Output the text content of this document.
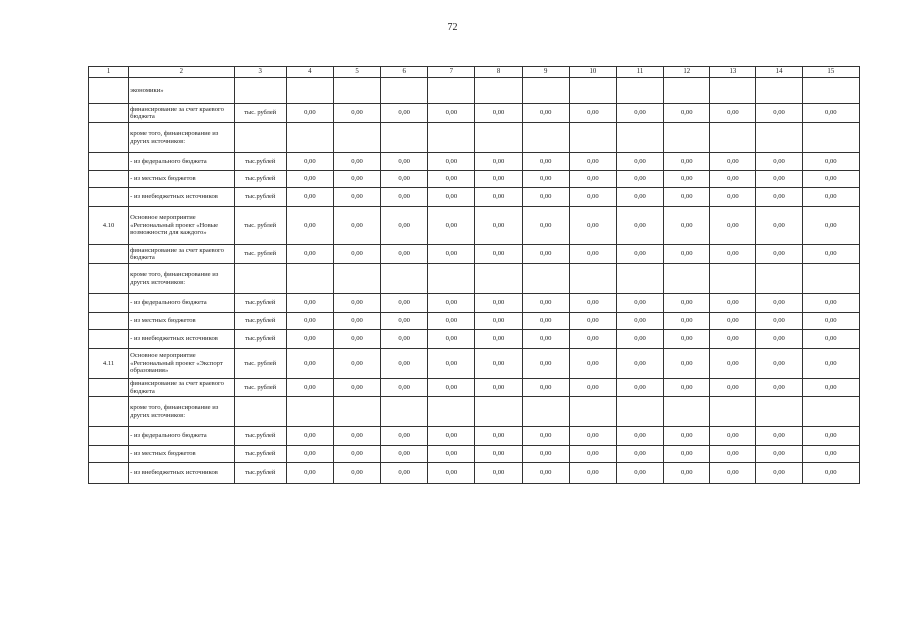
72
1	2	3	4	5	6	7	8	9	10	11	12	13	14	15
	экономики»													
	финансирование за счет краевого бюджета	тыс. рублей	0,00	0,00	0,00	0,00	0,00	0,00	0,00	0,00	0,00	0,00	0,00	0,00
	кроме того, финансирование из других источников:													
	- из федерального бюджета	тыс.рублей	0,00	0,00	0,00	0,00	0,00	0,00	0,00	0,00	0,00	0,00	0,00	0,00
	- из местных бюджетов	тыс.рублей	0,00	0,00	0,00	0,00	0,00	0,00	0,00	0,00	0,00	0,00	0,00	0,00
	- из внебюджетных источников	тыс.рублей	0,00	0,00	0,00	0,00	0,00	0,00	0,00	0,00	0,00	0,00	0,00	0,00
4.10	Основное мероприятие «Региональный проект «Новые возможности для каждого»	тыс. рублей	0,00	0,00	0,00	0,00	0,00	0,00	0,00	0,00	0,00	0,00	0,00	0,00
	финансирование за счет краевого бюджета	тыс. рублей	0,00	0,00	0,00	0,00	0,00	0,00	0,00	0,00	0,00	0,00	0,00	0,00
	кроме того, финансирование из других источников:													
	- из федерального бюджета	тыс.рублей	0,00	0,00	0,00	0,00	0,00	0,00	0,00	0,00	0,00	0,00	0,00	0,00
	- из местных бюджетов	тыс.рублей	0,00	0,00	0,00	0,00	0,00	0,00	0,00	0,00	0,00	0,00	0,00	0,00
	- из внебюджетных источников	тыс.рублей	0,00	0,00	0,00	0,00	0,00	0,00	0,00	0,00	0,00	0,00	0,00	0,00
4.11	Основное мероприятие «Региональный проект «Экспорт образования»	тыс. рублей	0,00	0,00	0,00	0,00	0,00	0,00	0,00	0,00	0,00	0,00	0,00	0,00
	финансирование за счет краевого бюджета	тыс. рублей	0,00	0,00	0,00	0,00	0,00	0,00	0,00	0,00	0,00	0,00	0,00	0,00
	кроме того, финансирование из других источников:													
	- из федерального бюджета	тыс.рублей	0,00	0,00	0,00	0,00	0,00	0,00	0,00	0,00	0,00	0,00	0,00	0,00
	- из местных бюджетов	тыс.рублей	0,00	0,00	0,00	0,00	0,00	0,00	0,00	0,00	0,00	0,00	0,00	0,00
	- из внебюджетных источников	тыс.рублей	0,00	0,00	0,00	0,00	0,00	0,00	0,00	0,00	0,00	0,00	0,00	0,00
